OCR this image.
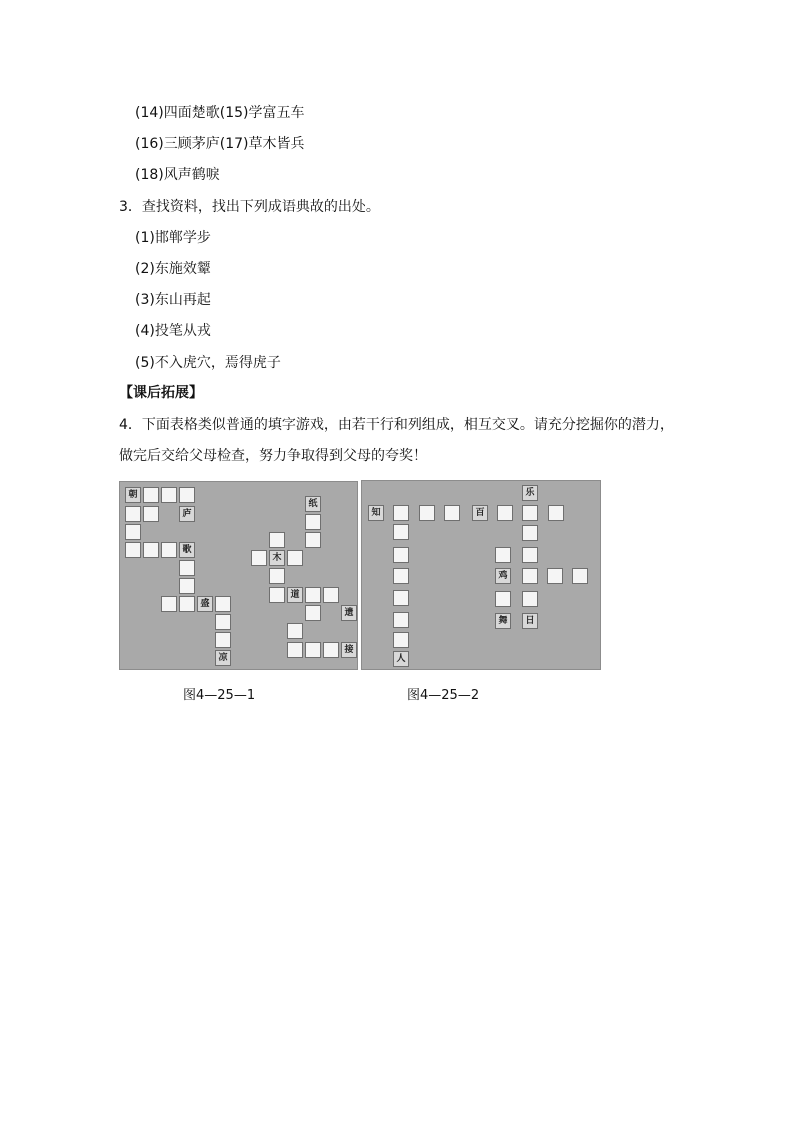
(14)四面楚歌(15)学富五车
(16)三顾茅庐(17)草木皆兵
(18)风声鹤唳
3．查找资料，找出下列成语典故的出处。
(1)邯郸学步
(2)东施效颦
(3)东山再起
(4)投笔从戎
(5)不入虎穴，焉得虎子
【课后拓展】
4．下面表格类似普通的填字游戏，由若干行和列组成，相互交叉。请充分挖掘你的潜力，
做完后交给父母检查，努力争取得到父母的夸奖！
朝
庐
歌
盛
凉
纸
木
道
遗
接
乐
知	百
人
鸡
舞	日
图4—25—1	图4—25—2
